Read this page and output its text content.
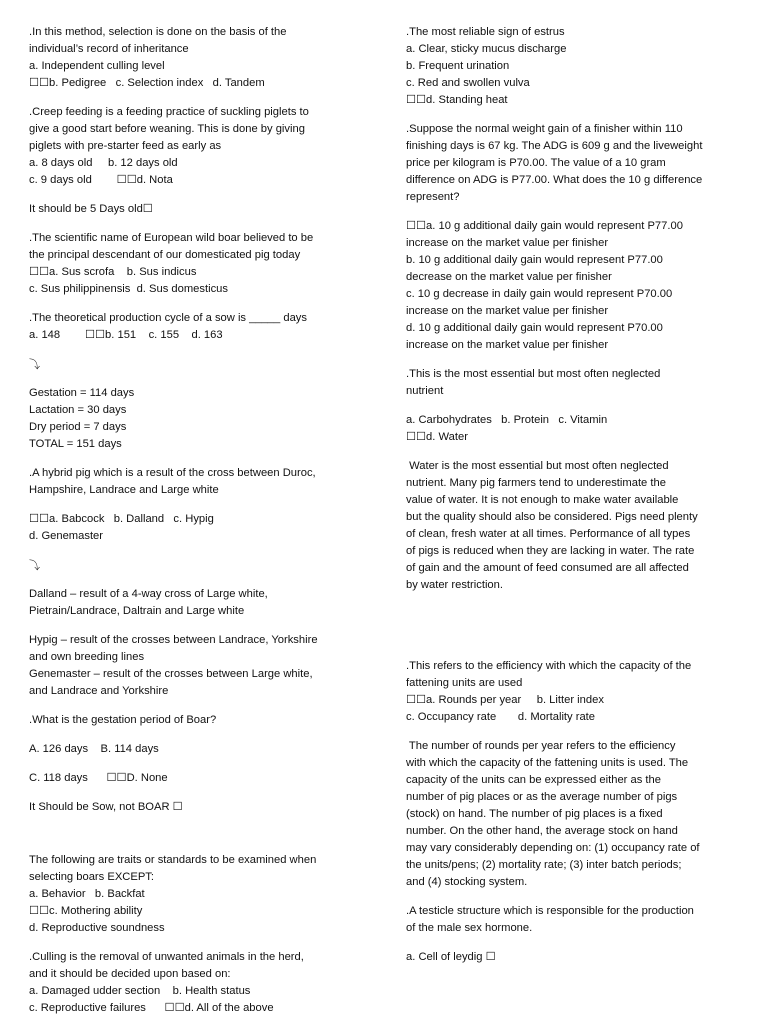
.In this method, selection is done on the basis of the
individual’s record of inheritance
a. Independent culling level
☐☐b. Pedigree   c. Selection index   d. Tandem
.Creep feeding is a feeding practice of suckling piglets to
give a good start before weaning. This is done by giving
piglets with pre-starter feed as early as
a. 8 days old     b. 12 days old
c. 9 days old        ☐☐d. Nota
It should be 5 Days old☐
.The scientific name of European wild boar believed to be
the principal descendant of our domesticated pig today
☐☐a. Sus scrofa    b. Sus indicus
c. Sus philippinensis  d. Sus domesticus
.The theoretical production cycle of a sow is _____ days
a. 148        ☐☐b. 151    c. 155    d. 163
⤵
Gestation = 114 days
Lactation = 30 days
Dry period = 7 days
TOTAL = 151 days
.A hybrid pig which is a result of the cross between Duroc,
Hampshire, Landrace and Large white
☐☐a. Babcock   b. Dalland   c. Hypig
d. Genemaster
⤵
Dalland – result of a 4-way cross of Large white,
Pietrain/Landrace, Daltrain and Large white
Hypig – result of the crosses between Landrace, Yorkshire
and own breeding lines
Genemaster – result of the crosses between Large white,
and Landrace and Yorkshire
.What is the gestation period of Boar?
A. 126 days    B. 114 days
C. 118 days      ☐☐D. None
It Should be Sow, not BOAR ☐
The following are traits or standards to be examined when
selecting boars EXCEPT:
a. Behavior   b. Backfat
☐☐c. Mothering ability
d. Reproductive soundness
.Culling is the removal of unwanted animals in the herd,
and it should be decided upon based on:
a. Damaged udder section    b. Health status
c. Reproductive failures      ☐☐d. All of the above
.The most reliable sign of estrus
a. Clear, sticky mucus discharge
b. Frequent urination
c. Red and swollen vulva
☐☐d. Standing heat
.Suppose the normal weight gain of a finisher within 110
finishing days is 67 kg. The ADG is 609 g and the liveweight
price per kilogram is P70.00. The value of a 10 gram
difference on ADG is P77.00. What does the 10 g difference
represent?
☐☐a. 10 g additional daily gain would represent P77.00
increase on the market value per finisher
b. 10 g additional daily gain would represent P77.00
decrease on the market value per finisher
c. 10 g decrease in daily gain would represent P70.00
increase on the market value per finisher
d. 10 g additional daily gain would represent P70.00
increase on the market value per finisher
.This is the most essential but most often neglected
nutrient
a. Carbohydrates   b. Protein   c. Vitamin
☐☐d. Water
Water is the most essential but most often neglected
nutrient. Many pig farmers tend to underestimate the
value of water. It is not enough to make water available
but the quality should also be considered. Pigs need plenty
of clean, fresh water at all times. Performance of all types
of pigs is reduced when they are lacking in water. The rate
of gain and the amount of feed consumed are all affected
by water restriction.
.This refers to the efficiency with which the capacity of the
fattening units are used
☐☐a. Rounds per year     b. Litter index
c. Occupancy rate       d. Mortality rate
The number of rounds per year refers to the efficiency
with which the capacity of the fattening units is used. The
capacity of the units can be expressed either as the
number of pig places or as the average number of pigs
(stock) on hand. The number of pig places is a fixed
number. On the other hand, the average stock on hand
may vary considerably depending on: (1) occupancy rate of
the units/pens; (2) mortality rate; (3) inter batch periods;
and (4) stocking system.
.A testicle structure which is responsible for the production
of the male sex hormone.
a. Cell of leydig ☐
